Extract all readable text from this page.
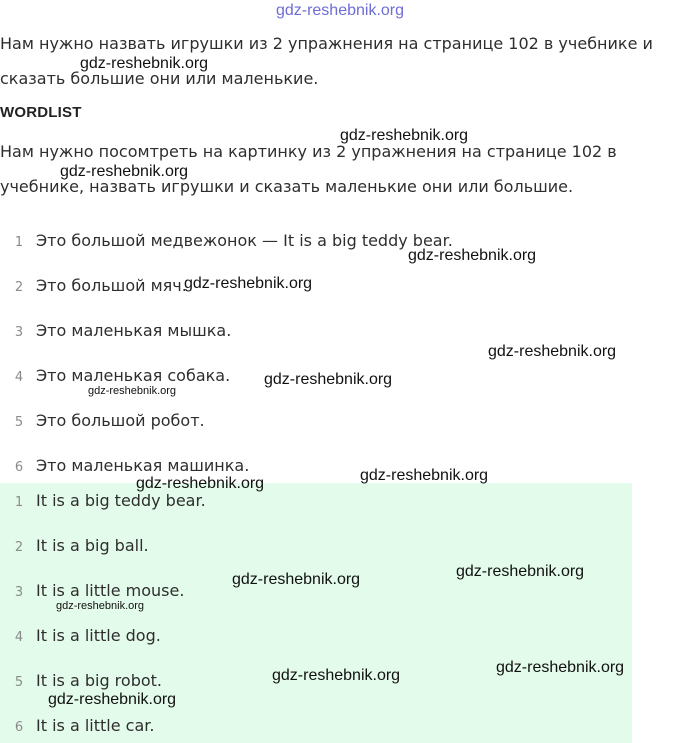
gdz-reshebnik.org
Нам нужно назвать игрушки из 2 упражнения на странице 102 в учебнике и
сказать большие они или маленькие.
WORDLIST
Нам нужно посомтреть на картинку из 2 упражнения на странице 102 в
учебнике, назвать игрушки и сказать маленькие они или большие.
1 Это большой медвежонок — It is a big teddy bear.
2 Это большой мяч.
3 Это маленькая мышка.
4 Это маленькая собака.
5 Это большой робот.
6 Это маленькая машинка.
1 It is a big teddy bear.
2 It is a big ball.
3 It is a little mouse.
4 It is a little dog.
5 It is a big robot.
6 It is a little car.
gdz-reshebnik.org
gdz-reshebnik.org
gdz-reshebnik.org
gdz-reshebnik.org
gdz-reshebnik.org
gdz-reshebnik.org
gdz-reshebnik.org
gdz-reshebnik.org
gdz-reshebnik.org
gdz-reshebnik.org
gdz-reshebnik.org
gdz-reshebnik.org
gdz-reshebnik.org
gdz-reshebnik.org
gdz-reshebnik.org
gdz-reshebnik.org
